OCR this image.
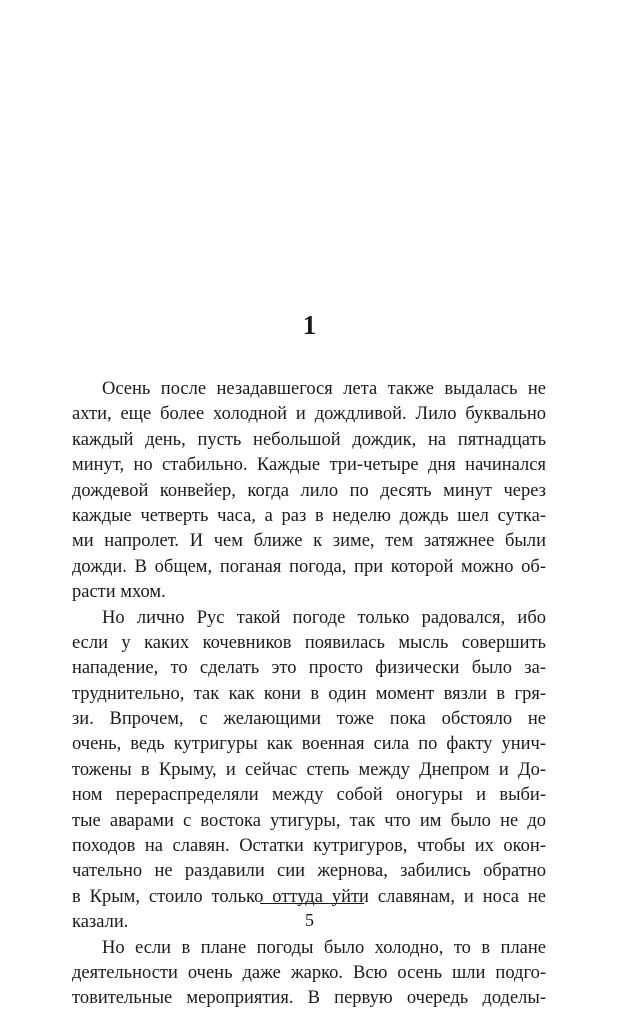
1
Осень после незадавшегося лета также выдалась не
ахти, еще более холодной и дождливой. Лило буквально
каждый день, пусть небольшой дождик, на пятнадцать
минут, но стабильно. Каждые три-четыре дня начинался
дождевой конвейер, когда лило по десять минут через
каждые четверть часа, а раз в неделю дождь шел сутка-
ми напролет. И чем ближе к зиме, тем затяжнее были
дожди. В общем, поганая погода, при которой можно об-
расти мхом.
Но лично Рус такой погоде только радовался, ибо
если у каких кочевников появилась мысль совершить
нападение, то сделать это просто физически было за-
труднительно, так как кони в один момент вязли в гря-
зи. Впрочем, с желающими тоже пока обстояло не
очень, ведь кутригуры как военная сила по факту унич-
тожены в Крыму, и сейчас степь между Днепром и До-
ном перераспределяли между собой оногуры и выби-
тые аварами с востока утигуры, так что им было не до
походов на славян. Остатки кутригуров, чтобы их окон-
чательно не раздавили сии жернова, забились обратно
в Крым, стоило только оттуда уйти славянам, и носа не
казали.
Но если в плане погоды было холодно, то в плане
деятельности очень даже жарко. Всю осень шли подго-
товительные мероприятия. В первую очередь доделы-
5
